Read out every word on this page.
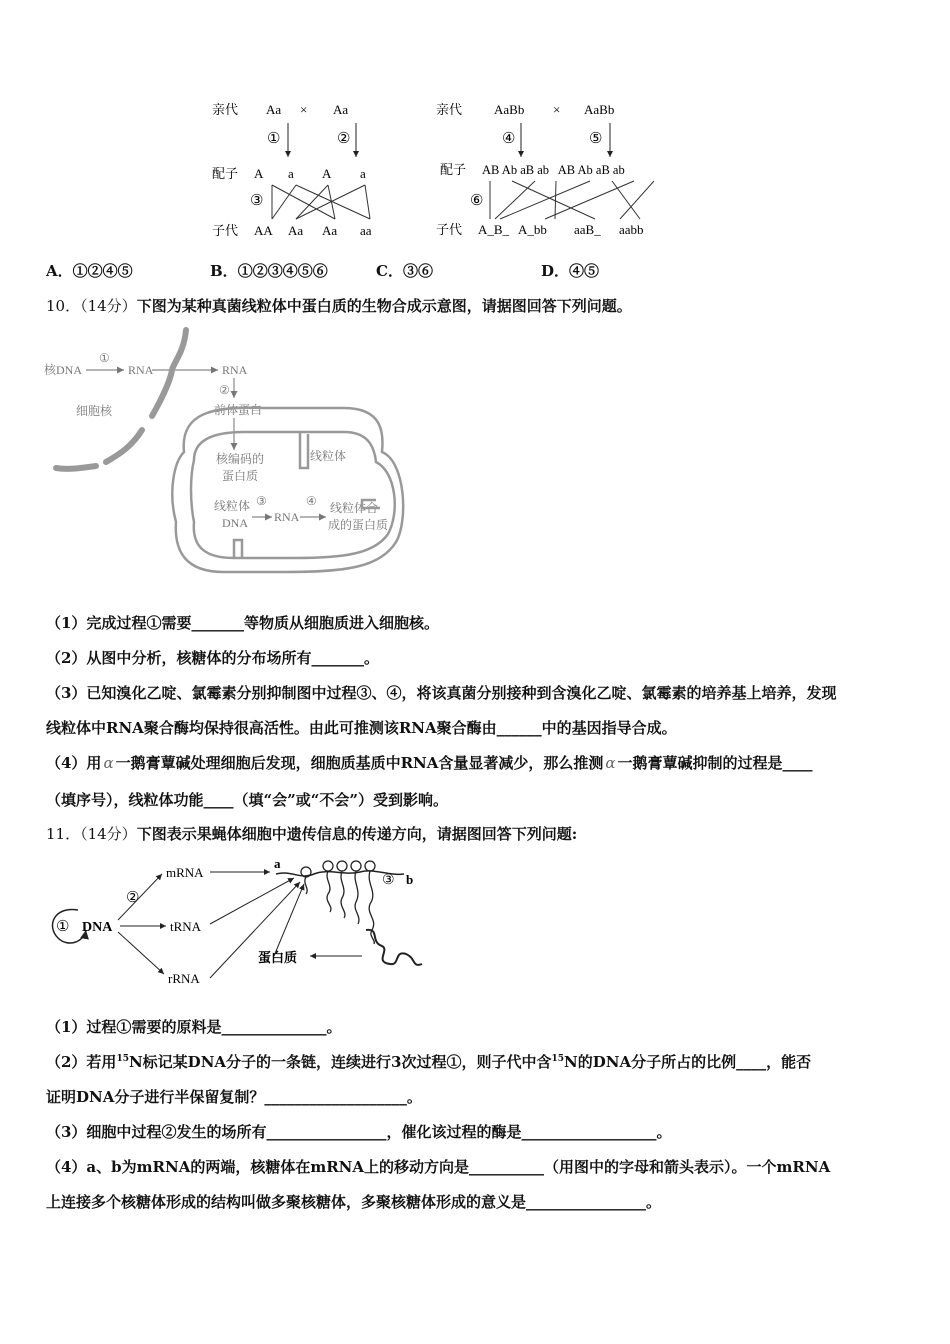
亲代 Aa × Aa
①	②
配子 A a A a
③
子代 AA Aa Aa aa
亲代 AaBb × AaBb
④	⑤
配子 AB Ab aB ab   AB Ab aB ab
⑥
子代 A_B_ A_bb aaB_ aabb
A．①②④⑤	B．①②③④⑤⑥	C．③⑥	D．④⑤
10．（14分）下图为某种真菌线粒体中蛋白质的生物合成示意图，请据图回答下列问题。
核DNA
①
RNA	RNA
②
前体蛋白
细胞核
核编码的
蛋白质
线粒体
线粒体
DNA
③
RNA
④ 线粒体合
成的蛋白质
（1）完成过程①需要_______等物质从细胞质进入细胞核。
（2）从图中分析，核糖体的分布场所有_______。
（3）已知溴化乙啶、氯霉素分别抑制图中过程③、④，将该真菌分别接种到含溴化乙啶、氯霉素的培养基上培养，发现
线粒体中RNA聚合酶均保持很高活性。由此可推测该RNA聚合酶由______中的基因指导合成。
（4）用 α 一鹅膏蕈碱处理细胞后发现，细胞质基质中RNA含量显著减少，那么推测 α 一鹅膏蕈碱抑制的过程是____
（填序号），线粒体功能____（填“会”或“不会”）受到影响。
11．（14分）下图表示果蝇体细胞中遗传信息的传递方向，请据图回答下列问题:
① DNA
②
mRNA
tRNA
rRNA
a
b
③
蛋白质
（1）过程①需要的原料是______________。
（2）若用$^{15}$N标记某DNA分子的一条链，连续进行3次过程①，则子代中含$^{15}$N的DNA分子所占的比例____，能否
证明DNA分子进行半保留复制？___________________。
（3）细胞中过程②发生的场所有________________，催化该过程的酶是__________________。
（4）a、b为mRNA的两端，核糖体在mRNA上的移动方向是__________（用图中的字母和箭头表示）。一个mRNA
上连接多个核糖体形成的结构叫做多聚核糖体，多聚核糖体形成的意义是________________。
